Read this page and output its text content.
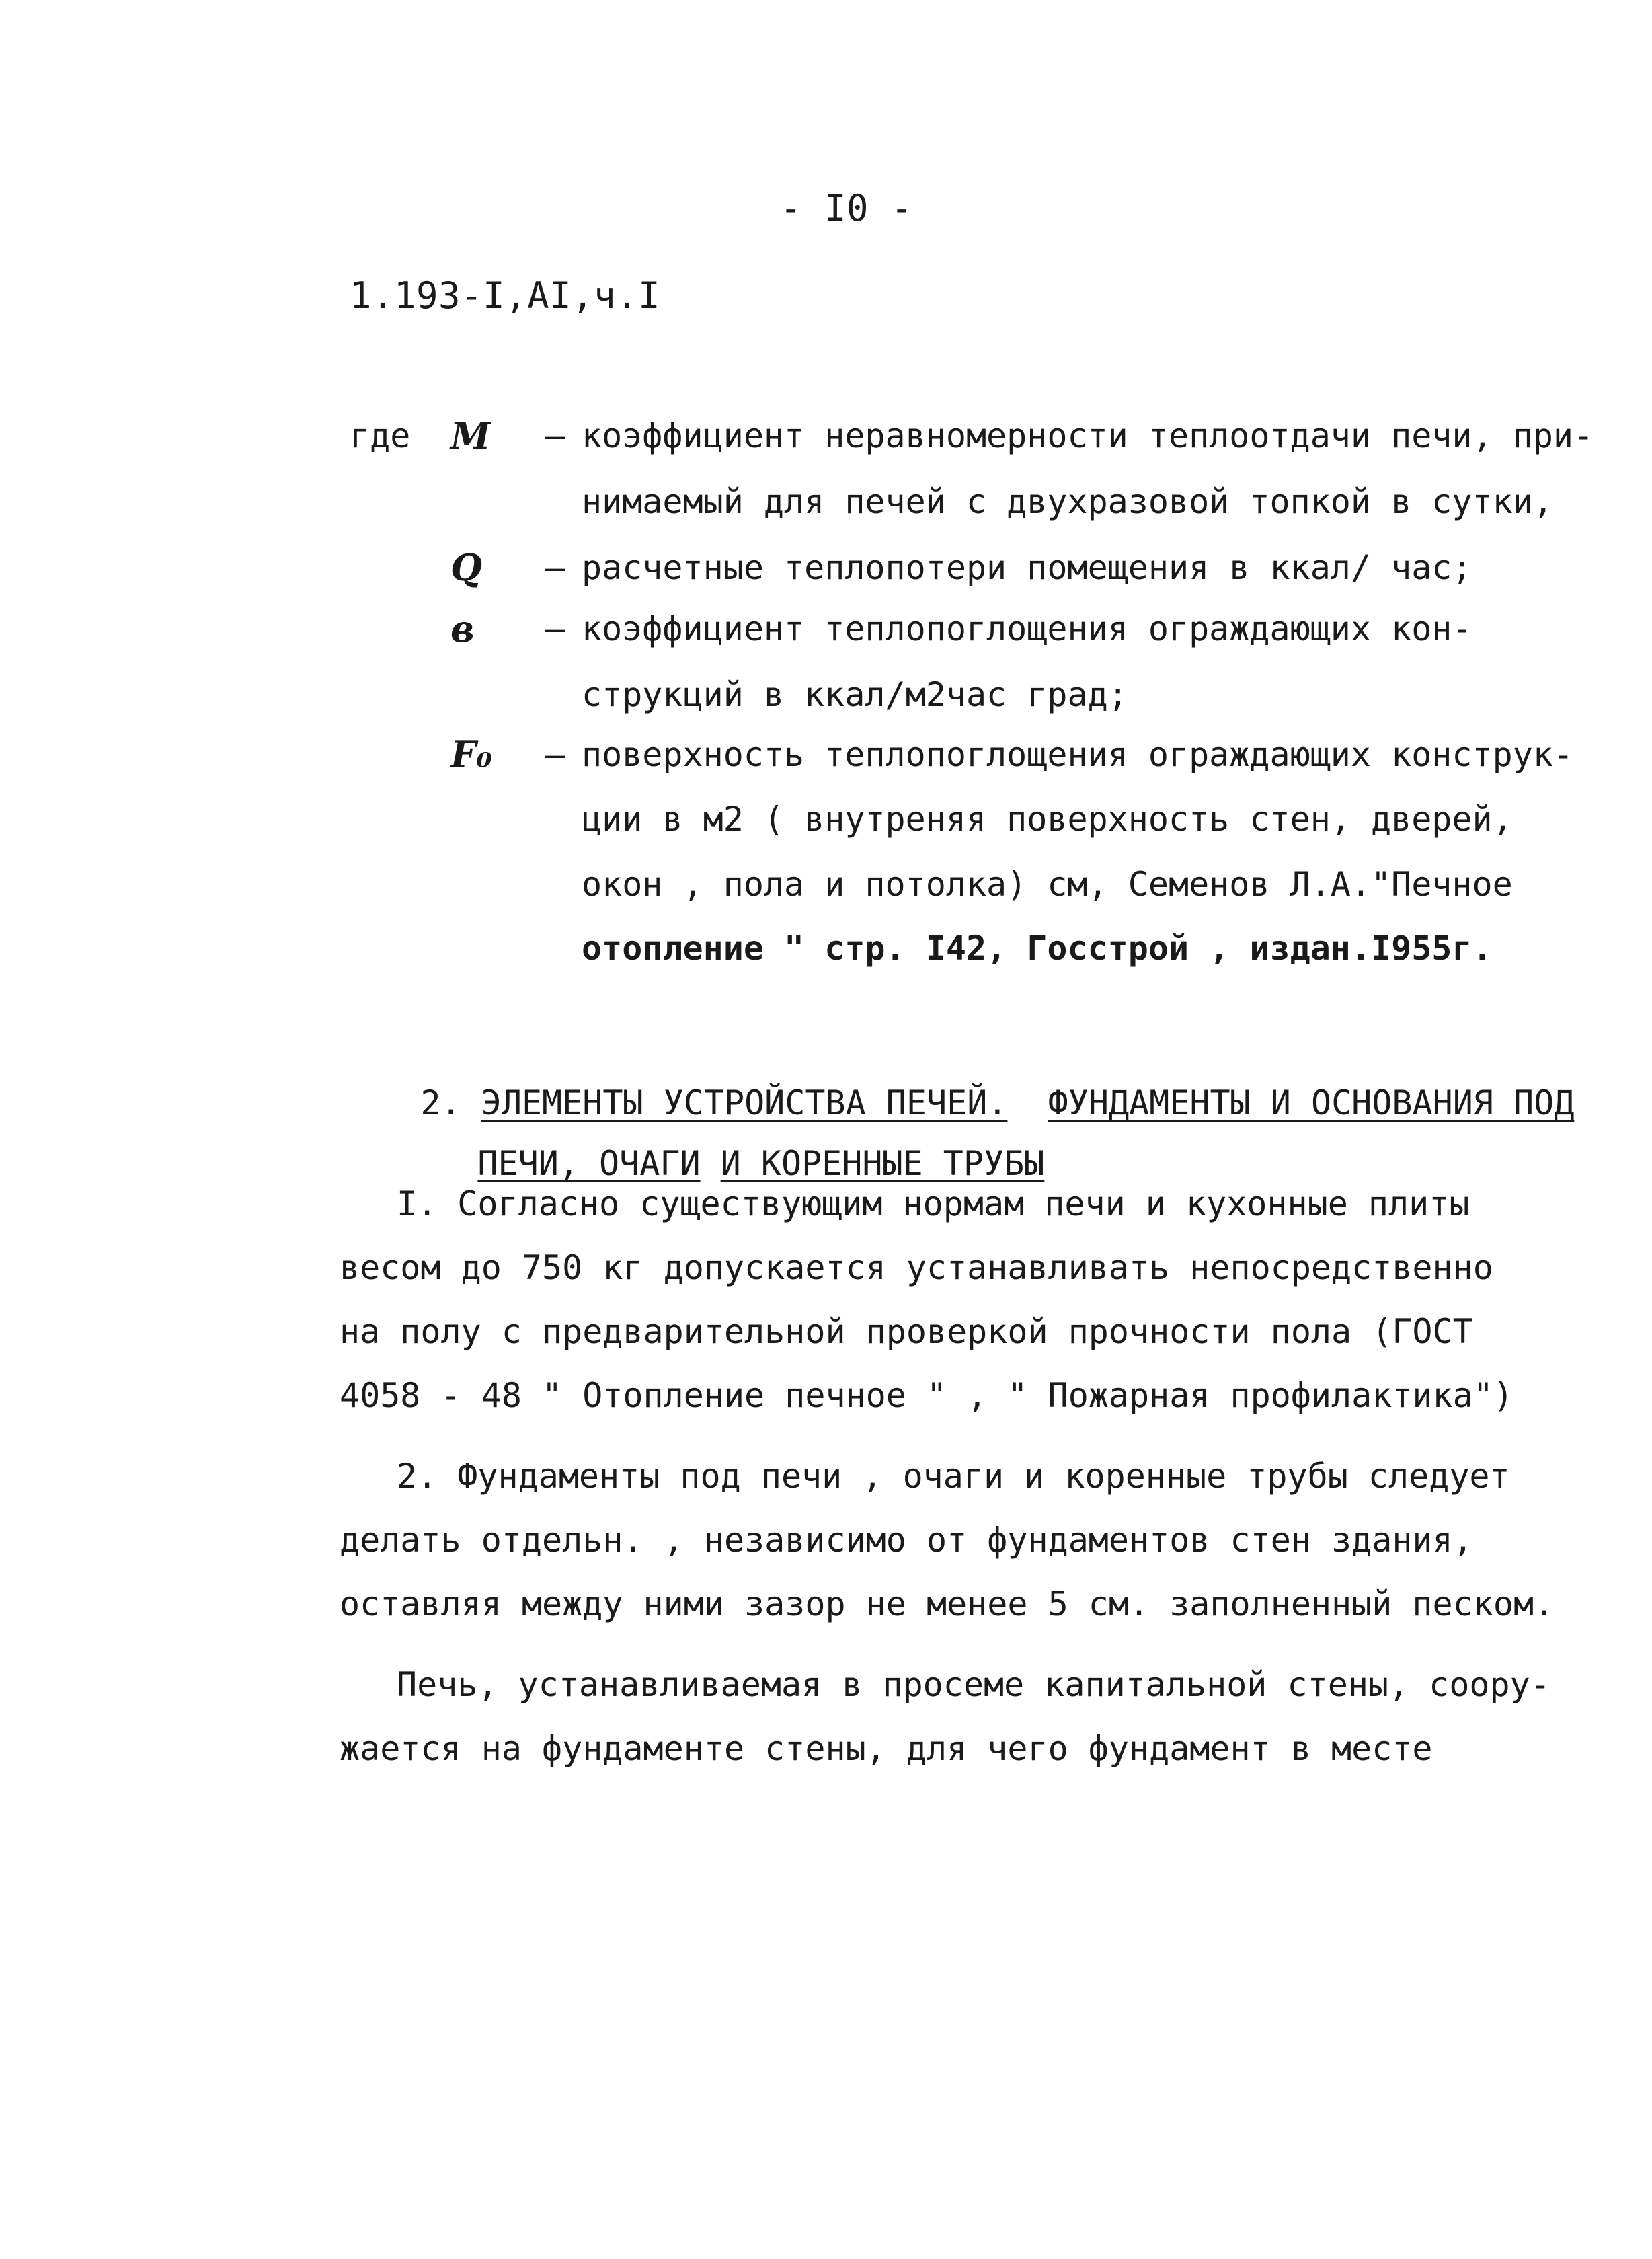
- I0 -
1.193-I,AI,ч.I
где M – коэффициент неравномерности теплоотдачи печи, при-
нимаемый для печей с двухразовой топкой в сутки,
Q – расчетные теплопотери помещения в ккал/ час;
в – коэффициент теплопоглощения ограждающих кон-
струкций в ккал/м2час град;
F₀ – поверхность теплопоглощения ограждающих конструк-
ции в м2 ( внутреняя поверхность стен, дверей,
окон , пола и потолка) см, Семенов Л.А."Печное
отопление " стр. I42, Госстрой , издан.I955г.

2. ЭЛЕМЕНТЫ УСТРОЙСТВА ПЕЧЕЙ. ФУНДАМЕНТЫ И ОСНОВАНИЯ ПОД

ПЕЧИ, ОЧАГИ И КОРЕННЫЕ ТРУБЫ

I. Согласно существующим нормам печи и кухонные плиты
весом до 750 кг допускается устанавливать непосредственно
на полу с предварительной проверкой прочности пола (ГОСТ
4058 - 48 " Отопление печное " , " Пожарная профилактика")
2. Фундаменты под печи , очаги и коренные трубы следует
делать отдельн. , независимо от фундаментов стен здания,
оставляя между ними зазор не менее 5 см. заполненный песком.
Печь, устанавливаемая в просеме капитальной стены, соору-
жается на фундаменте стены, для чего фундамент в месте
